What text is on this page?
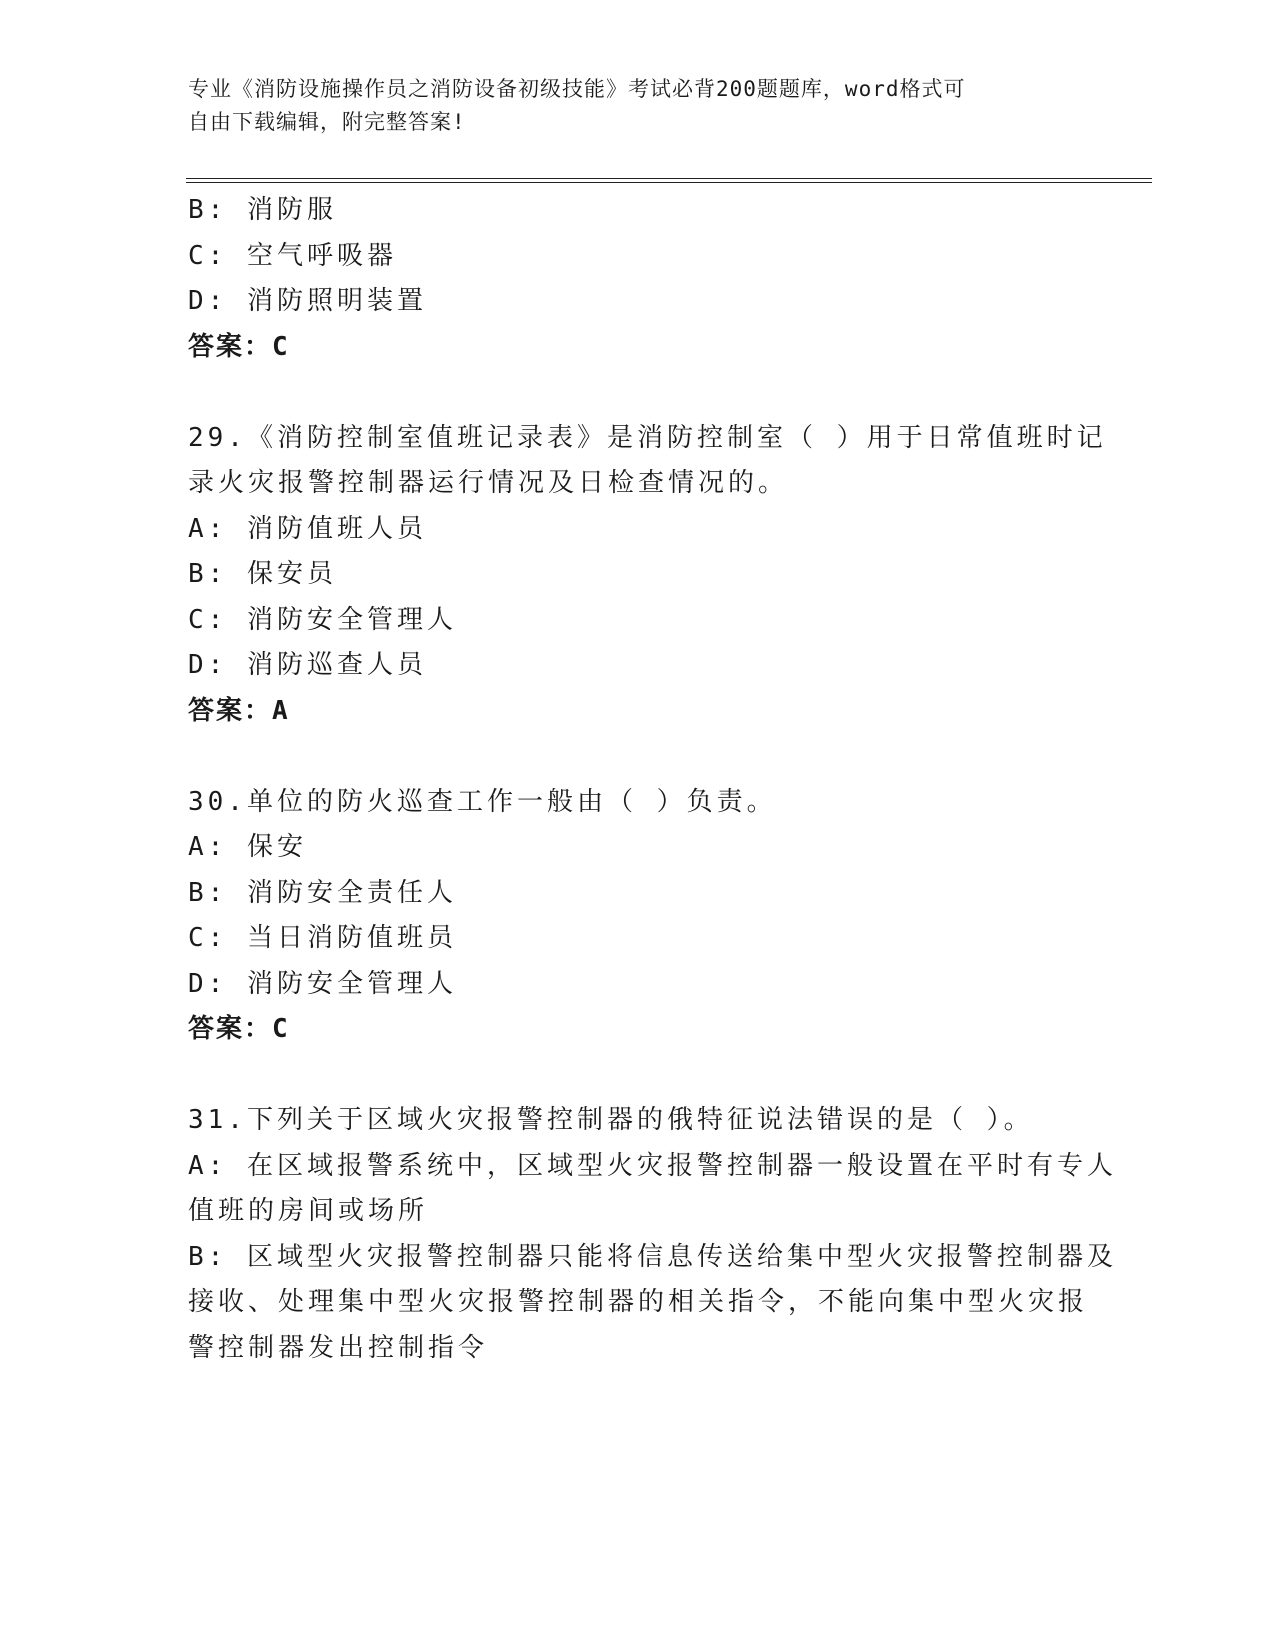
专业《消防设施操作员之消防设备初级技能》考试必背200题题库，word格式可
自由下载编辑，附完整答案!
B: 消防服
C: 空气呼吸器
D: 消防照明装置
答案：C
29.《消防控制室值班记录表》是消防控制室（ ）用于日常值班时记
录火灾报警控制器运行情况及日检查情况的。
A: 消防值班人员
B: 保安员
C: 消防安全管理人
D: 消防巡查人员
答案：A
30.单位的防火巡查工作一般由（ ）负责。
A: 保安
B: 消防安全责任人
C: 当日消防值班员
D: 消防安全管理人
答案：C
31.下列关于区域火灾报警控制器的俄特征说法错误的是（ ）。
A: 在区域报警系统中，区域型火灾报警控制器一般设置在平时有专人
值班的房间或场所
B: 区域型火灾报警控制器只能将信息传送给集中型火灾报警控制器及
接收、处理集中型火灾报警控制器的相关指令，不能向集中型火灾报
警控制器发出控制指令
